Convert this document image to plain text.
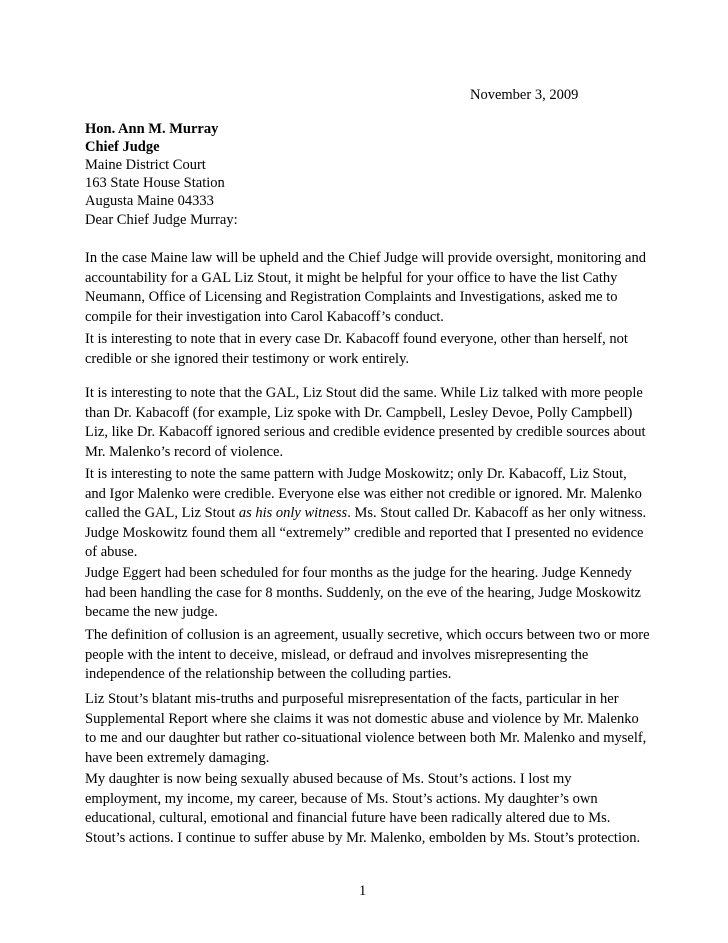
November 3, 2009
Hon. Ann M. Murray
Chief Judge
Maine District Court
163 State House Station
Augusta Maine 04333
Dear Chief Judge Murray:
In the case Maine law will be upheld and the Chief Judge will provide oversight, monitoring and
accountability for a GAL Liz Stout, it might be helpful for your office to have the list Cathy
Neumann, Office of Licensing and Registration Complaints and Investigations, asked me to
compile for their investigation into Carol Kabacoff’s conduct.
It is interesting to note that in every case Dr. Kabacoff found everyone, other than herself, not
credible or she ignored their testimony or work entirely.
It is interesting to note that the GAL, Liz Stout did the same. While Liz talked with more people
than Dr. Kabacoff (for example, Liz spoke with Dr. Campbell, Lesley Devoe, Polly Campbell)
Liz, like Dr. Kabacoff ignored serious and credible evidence presented by credible sources about
Mr. Malenko’s record of violence.
It is interesting to note the same pattern with Judge Moskowitz; only Dr. Kabacoff, Liz Stout,
and Igor Malenko were credible. Everyone else was either not credible or ignored. Mr. Malenko
called the GAL, Liz Stout as his only witness. Ms. Stout called Dr. Kabacoff as her only witness.
Judge Moskowitz found them all “extremely” credible and reported that I presented no evidence
of abuse.
Judge Eggert had been scheduled for four months as the judge for the hearing. Judge Kennedy
had been handling the case for 8 months. Suddenly, on the eve of the hearing, Judge Moskowitz
became the new judge.
The definition of collusion is an agreement, usually secretive, which occurs between two or more
people with the intent to deceive, mislead, or defraud and involves misrepresenting the
independence of the relationship between the colluding parties.
Liz Stout’s blatant mis-truths and purposeful misrepresentation of the facts, particular in her
Supplemental Report where she claims it was not domestic abuse and violence by Mr. Malenko
to me and our daughter but rather co-situational violence between both Mr. Malenko and myself,
have been extremely damaging.
My daughter is now being sexually abused because of Ms. Stout’s actions. I lost my
employment, my income, my career, because of Ms. Stout’s actions. My daughter’s own
educational, cultural, emotional and financial future have been radically altered due to Ms.
Stout’s actions. I continue to suffer abuse by Mr. Malenko, embolden by Ms. Stout’s protection.
1
